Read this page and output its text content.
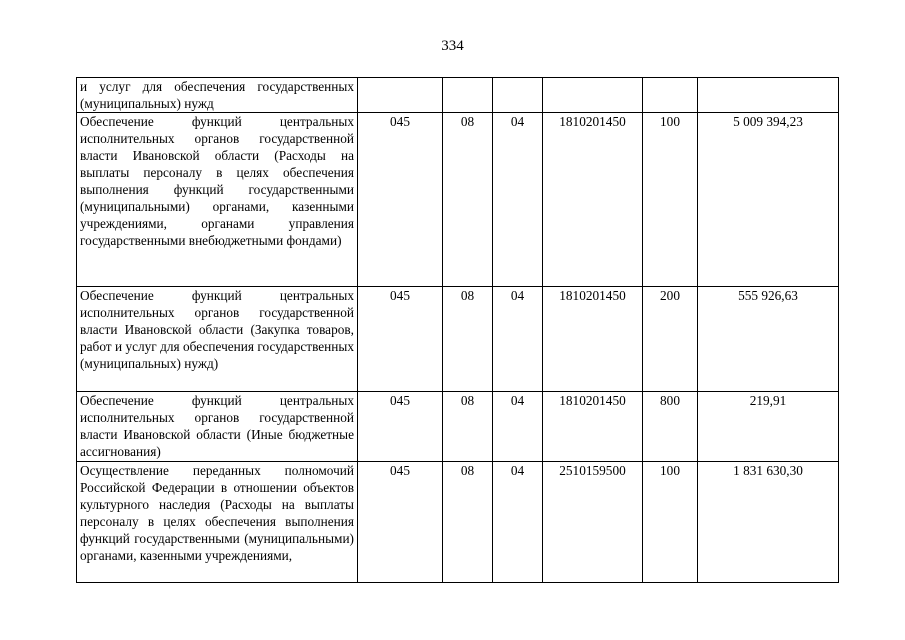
334
и услуг для обеспечения государственных (муниципальных) нужд						
Обеспечение функций центральных исполнительных органов государственной власти Ивановской области (Расходы на выплаты персоналу в целях обеспечения выполнения функций государственными (муниципальными) органами, казенными учреждениями, органами управления государственными внебюджетными фондами)	045	08	04	1810201450	100	5 009 394,23
Обеспечение функций центральных исполнительных органов государственной власти Ивановской области (Закупка товаров, работ и услуг для обеспечения государственных (муниципальных) нужд)	045	08	04	1810201450	200	555 926,63
Обеспечение функций центральных исполнительных органов государственной власти Ивановской области (Иные бюджетные ассигнования)	045	08	04	1810201450	800	219,91
Осуществление переданных полномочий Российской Федерации в отношении объектов культурного наследия (Расходы на выплаты персоналу в целях обеспечения выполнения функций государственными (муниципальными) органами, казенными учреждениями,	045	08	04	2510159500	100	1 831 630,30
